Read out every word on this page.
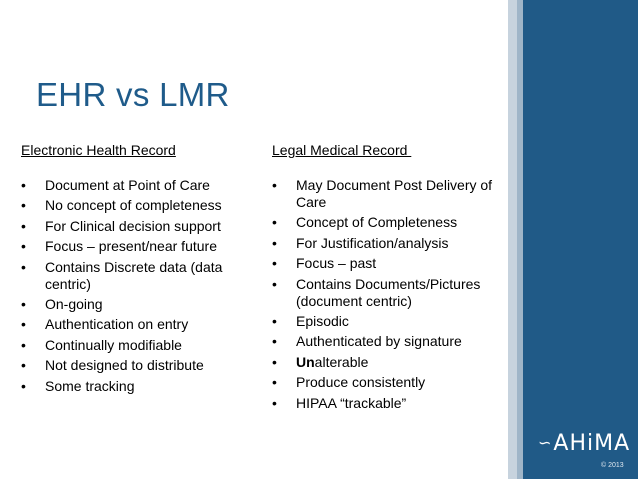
EHR vs LMR
Electronic Health Record
• Document at Point of Care
• No concept of completeness
• For Clinical decision support
• Focus – present/near future
• Contains Discrete data (data centric)
• On-going
• Authentication on entry
• Continually modifiable
• Not designed to distribute
• Some tracking
Legal Medical Record
• May Document Post Delivery of Care
• Concept of Completeness
• For Justification/analysis
• Focus – past
• Contains Documents/Pictures (document centric)
• Episodic
• Authenticated by signature
• Unalterable
• Produce consistently
• HIPAA “trackable”
∽AHiMA
© 2013
